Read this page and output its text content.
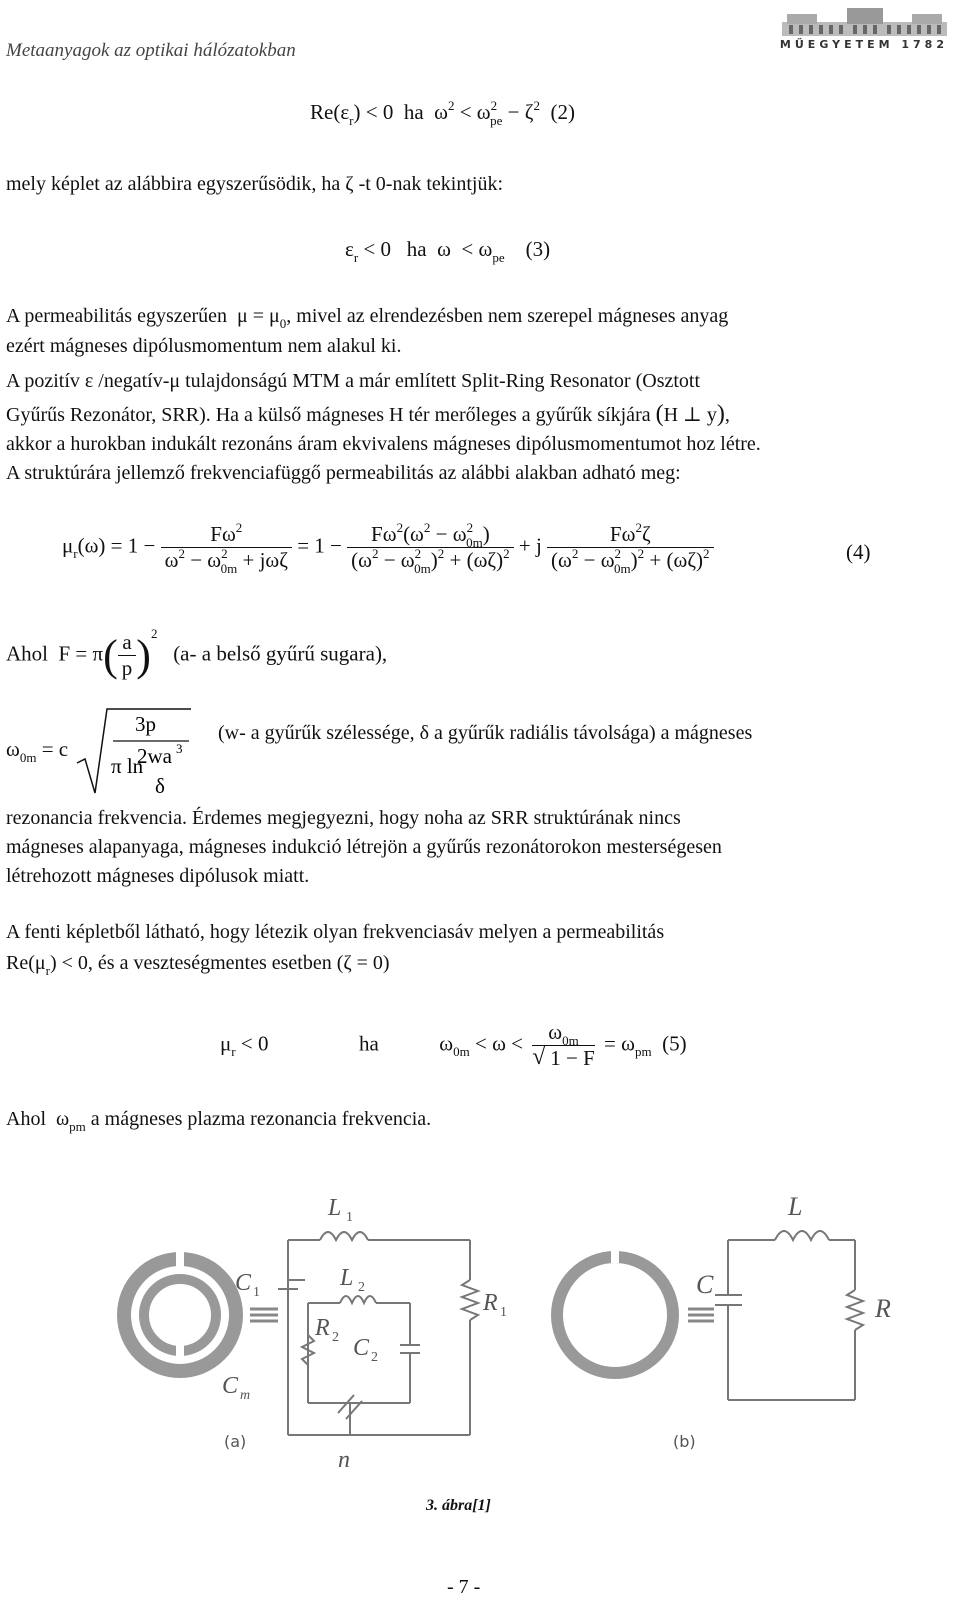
Metaanyagok az optikai hálózatokban	MŰEGYETEM 1782
$Re(\varepsilon_r) < 0$  ha  $\omega^2 < \omega^2_{pe} - \zeta^2$ (2)
mely képlet az alábbira egyszerűsödik, ha ζ -t 0-nak tekintjük:
$\varepsilon_r < 0$   ha  $\omega < \omega_{pe}$ (3)
A permeabilitás egyszerűen  $\mu = \mu_0$, mivel az elrendezésben nem szerepel mágneses anyag
ezért mágneses dipólusmomentum nem alakul ki.
A pozitív ε /negatív-μ tulajdonságú MTM a már említett Split-Ring Resonator (Osztott
Gyűrűs Rezonátor, SRR). Ha a külső mágneses H tér merőleges a gyűrűk síkjára (H ⊥ y),
akkor a hurokban indukált rezonáns áram ekvivalens mágneses dipólusmomentumot hoz létre.
A struktúrára jellemző frekvenciafüggő permeabilitás az alábbi alakban adható meg:
$\mu_r(\omega) = 1 - \frac{F\omega^2}{\omega^2 - \omega^2_{0m} + j\omega\zeta} = 1 - \frac{F\omega^2(\omega^2 - \omega^2_{0m})}{(\omega^2 - \omega^2_{0m})^2 + (\omega\zeta)^2} + j \frac{F\omega^2\zeta}{(\omega^2 - \omega^2_{0m})^2 + (\omega\zeta)^2}$	(4)
Ahol  $F = \pi( \frac{a}{p} )^2$   (a- a belső gyűrű sugara),
$\omega_{0m} = c$
3p
2wa 3
π ln
δ
(w- a gyűrűk szélessége, δ a gyűrűk radiális távolsága) a mágneses
rezonancia frekvencia. Érdemes megjegyezni, hogy noha az SRR struktúrának nincs
mágneses alapanyaga, mágneses indukció létrejön a gyűrűs rezonátorokon mesterségesen
létrehozott mágneses dipólusok miatt.
A fenti képletből látható, hogy létezik olyan frekvenciasáv melyen a permeabilitás
$Re(\mu_r) < 0$, és a veszteségmentes esetben (ζ = 0)
$\mu_r < 0$	ha	$\omega_{0m} < \omega < \omega_{0m}$
√ 1 − F
= $\omega_{pm}$ (5)
Ahol  $\omega_{pm}$ a mágneses plazma rezonancia frekvencia.
L 1
C 1
L 2
R 2
R 1
C 2
C m
n
L
C
R
(a)	(b)
3. ábra[1]
- 7 -
